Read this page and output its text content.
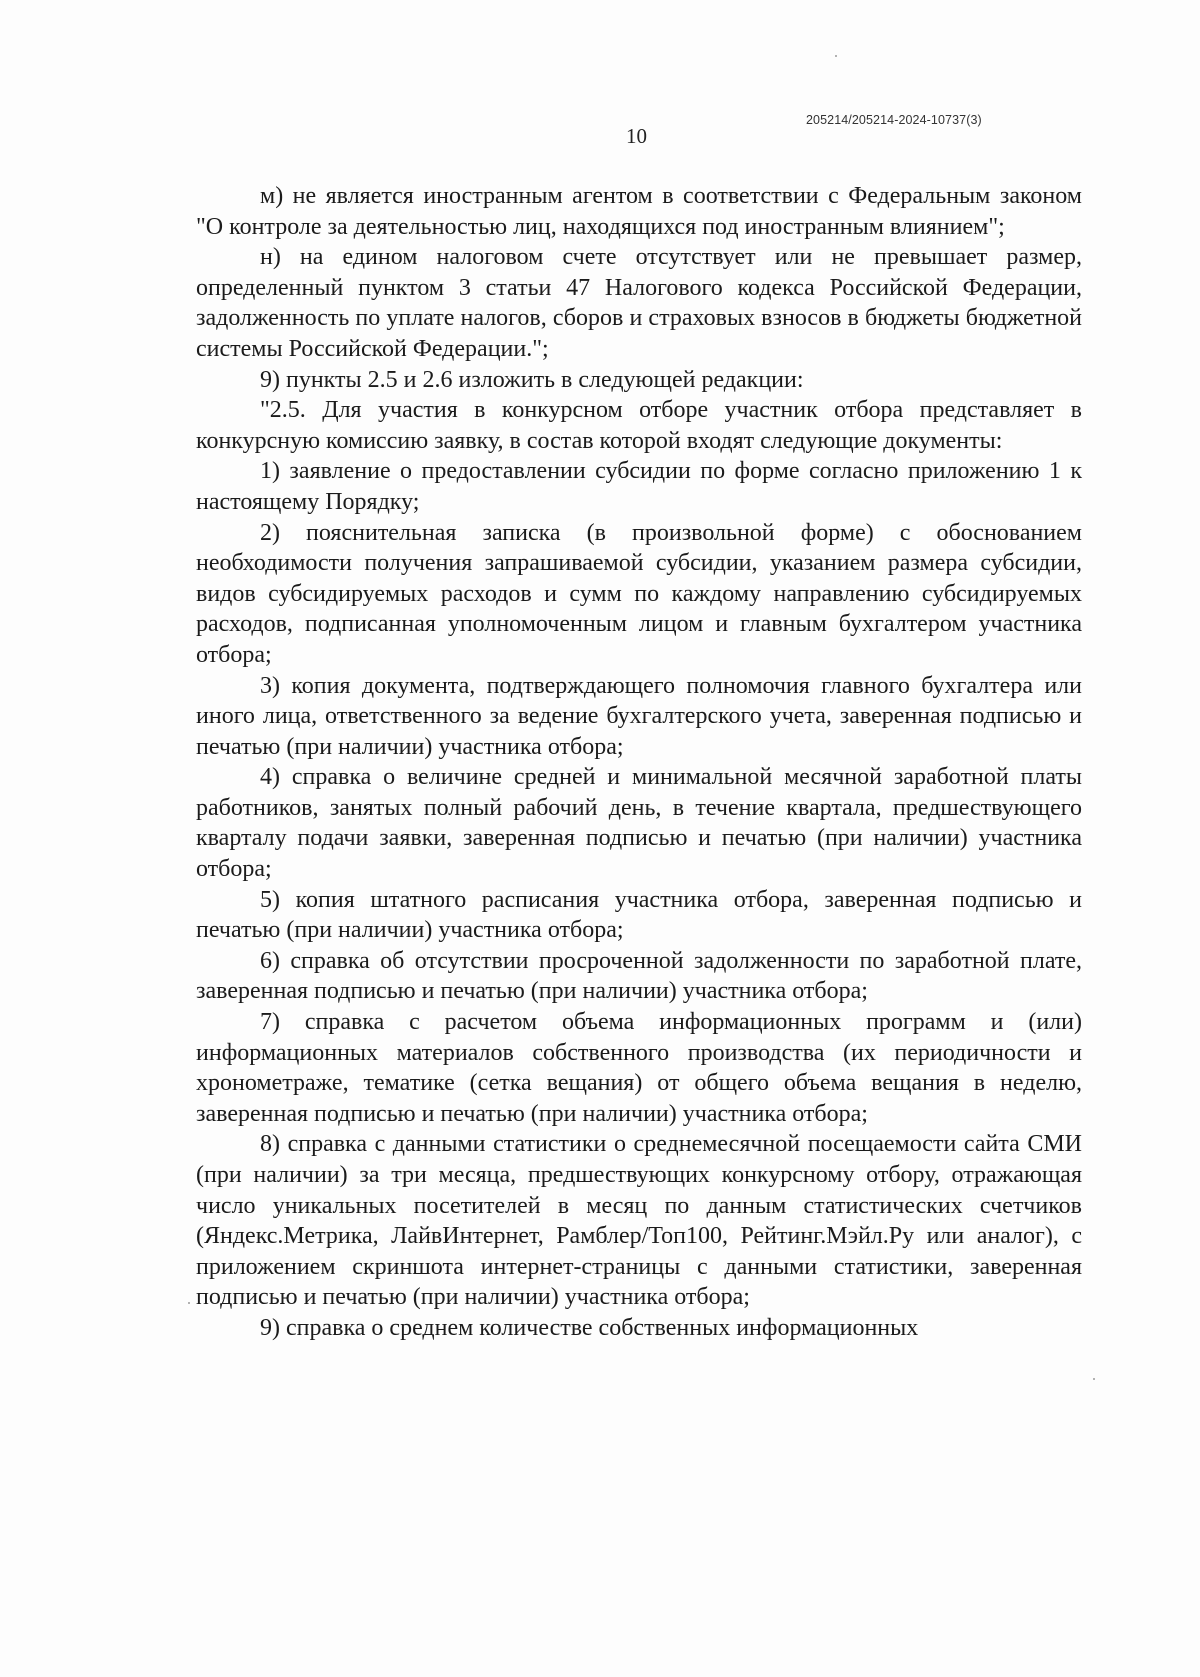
205214/205214-2024-10737(3)
10

м) не является иностранным агентом в соответствии с Федеральным законом "О контроле за деятельностью лиц, находящихся под иностранным влиянием";

н) на едином налоговом счете отсутствует или не превышает размер, определенный пунктом 3 статьи 47 Налогового кодекса Российской Федерации, задолженность по уплате налогов, сборов и страховых взносов в бюджеты бюджетной системы Российской Федерации.";

9) пункты 2.5 и 2.6 изложить в следующей редакции:

"2.5. Для участия в конкурсном отборе участник отбора представляет в конкурсную комиссию заявку, в состав которой входят следующие документы:

1) заявление о предоставлении субсидии по форме согласно приложению 1 к настоящему Порядку;

2) пояснительная записка (в произвольной форме) с обоснованием необходимости получения запрашиваемой субсидии, указанием размера субсидии, видов субсидируемых расходов и сумм по каждому направлению субсидируемых расходов, подписанная уполномоченным лицом и главным бухгалтером участника отбора;

3) копия документа, подтверждающего полномочия главного бухгалтера или иного лица, ответственного за ведение бухгалтерского учета, заверенная подписью и печатью (при наличии) участника отбора;

4) справка о величине средней и минимальной месячной заработной платы работников, занятых полный рабочий день, в течение квартала, предшествующего кварталу подачи заявки, заверенная подписью и печатью (при наличии) участника отбора;

5) копия штатного расписания участника отбора, заверенная подписью и печатью (при наличии) участника отбора;

6) справка об отсутствии просроченной задолженности по заработной плате, заверенная подписью и печатью (при наличии) участника отбора;

7) справка с расчетом объема информационных программ и (или) информационных материалов собственного производства (их периодичности и хронометраже, тематике (сетка вещания) от общего объема вещания в неделю, заверенная подписью и печатью (при наличии) участника отбора;

8) справка с данными статистики о среднемесячной посещаемости сайта СМИ (при наличии) за три месяца, предшествующих конкурсному отбору, отражающая число уникальных посетителей в месяц по данным статистических счетчиков (Яндекс.Метрика, ЛайвИнтернет, Рамблер/Топ100, Рейтинг.Мэйл.Ру или аналог), с приложением скриншота интернет-страницы с данными статистики, заверенная подписью и печатью (при наличии) участника отбора;

9) справка о среднем количестве собственных информационных
